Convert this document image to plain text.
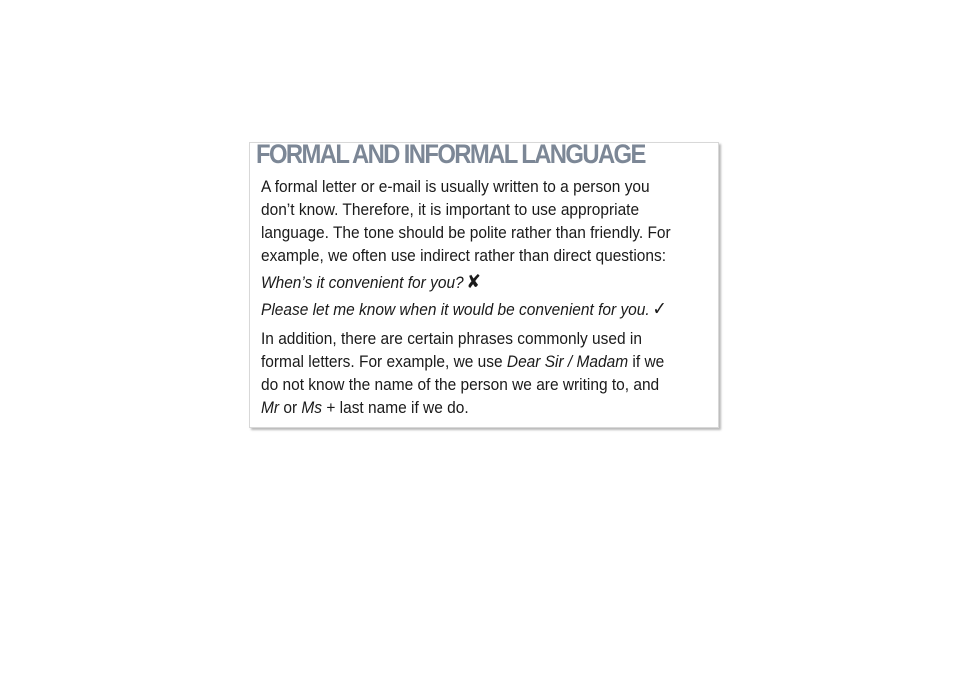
FORMAL AND INFORMAL LANGUAGE

A formal letter or e-mail is usually written to a person you

don’t know. Therefore, it is important to use appropriate

language. The tone should be polite rather than friendly. For

example, we often use indirect rather than direct questions:

When’s it convenient for you? ✘

Please let me know when it would be convenient for you. ✓

In addition, there are certain phrases commonly used in

formal letters. For example, we use Dear Sir / Madam if we

do not know the name of the person we are writing to, and

Mr or Ms + last name if we do.
